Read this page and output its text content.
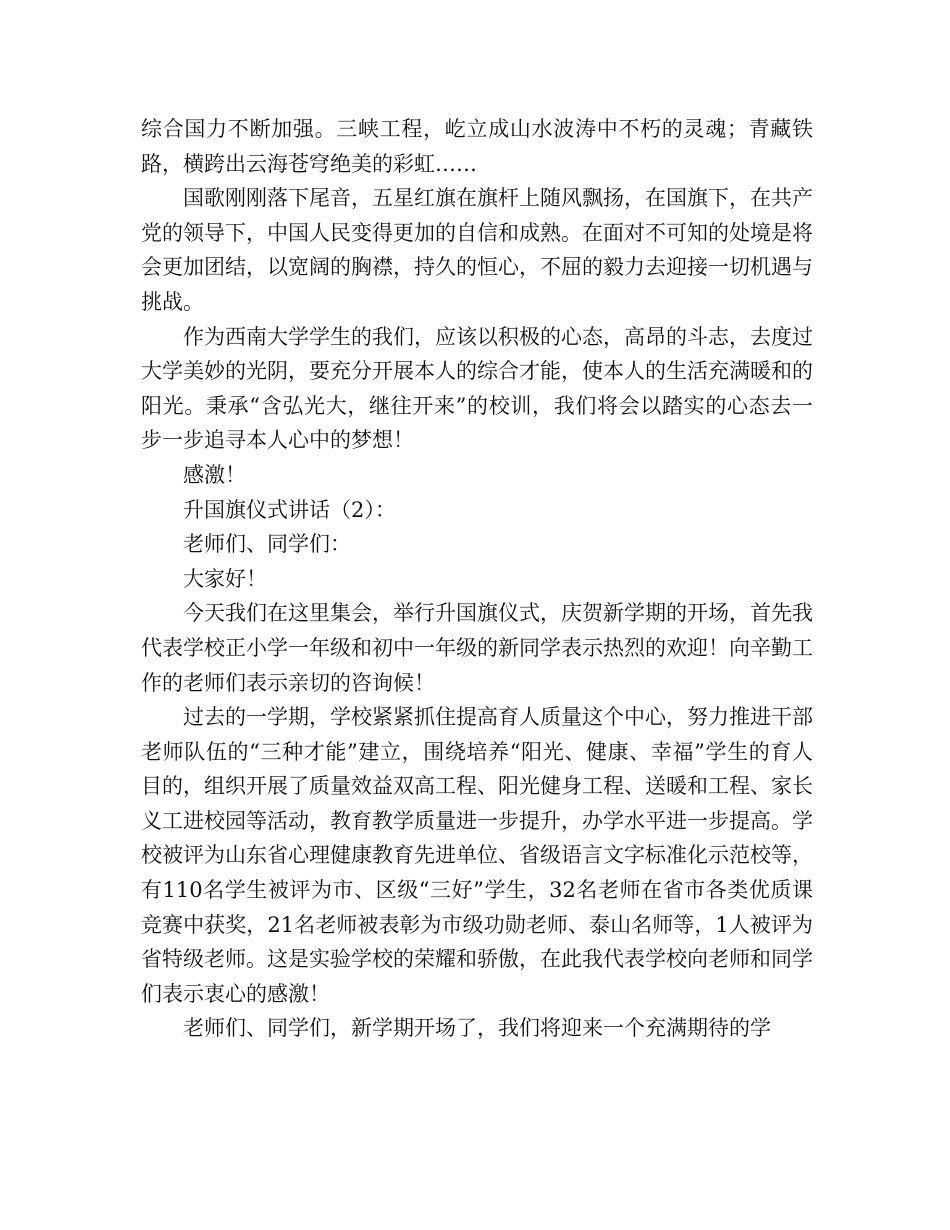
综合国力不断加强。三峡工程，屹立成山水波涛中不朽的灵魂；青藏铁路，横跨出云海苍穹绝美的彩虹……

国歌刚刚落下尾音，五星红旗在旗杆上随风飘扬，在国旗下，在共产党的领导下，中国人民变得更加的自信和成熟。在面对不可知的处境是将会更加团结，以宽阔的胸襟，持久的恒心，不屈的毅力去迎接一切机遇与挑战。

作为西南大学学生的我们，应该以积极的心态，高昂的斗志，去度过大学美妙的光阴，要充分开展本人的综合才能，使本人的生活充满暖和的阳光。秉承“含弘光大，继往开来”的校训，我们将会以踏实的心态去一步一步追寻本人心中的梦想！

感激！

升国旗仪式讲话（2）：

老师们、同学们：

大家好！

今天我们在这里集会，举行升国旗仪式，庆贺新学期的开场，首先我代表学校正小学一年级和初中一年级的新同学表示热烈的欢迎！向辛勤工作的老师们表示亲切的咨询候！

过去的一学期，学校紧紧抓住提高育人质量这个中心，努力推进干部老师队伍的“三种才能”建立，围绕培养“阳光、健康、幸福”学生的育人目的，组织开展了质量效益双高工程、阳光健身工程、送暖和工程、家长义工进校园等活动，教育教学质量进一步提升，办学水平进一步提高。学校被评为山东省心理健康教育先进单位、省级语言文字标准化示范校等，有110名学生被评为市、区级“三好”学生，32名老师在省市各类优质课竞赛中获奖，21名老师被表彰为市级功勋老师、泰山名师等，1人被评为省特级老师。这是实验学校的荣耀和骄傲，在此我代表学校向老师和同学们表示衷心的感激！

老师们、同学们，新学期开场了，我们将迎来一个充满期待的学
